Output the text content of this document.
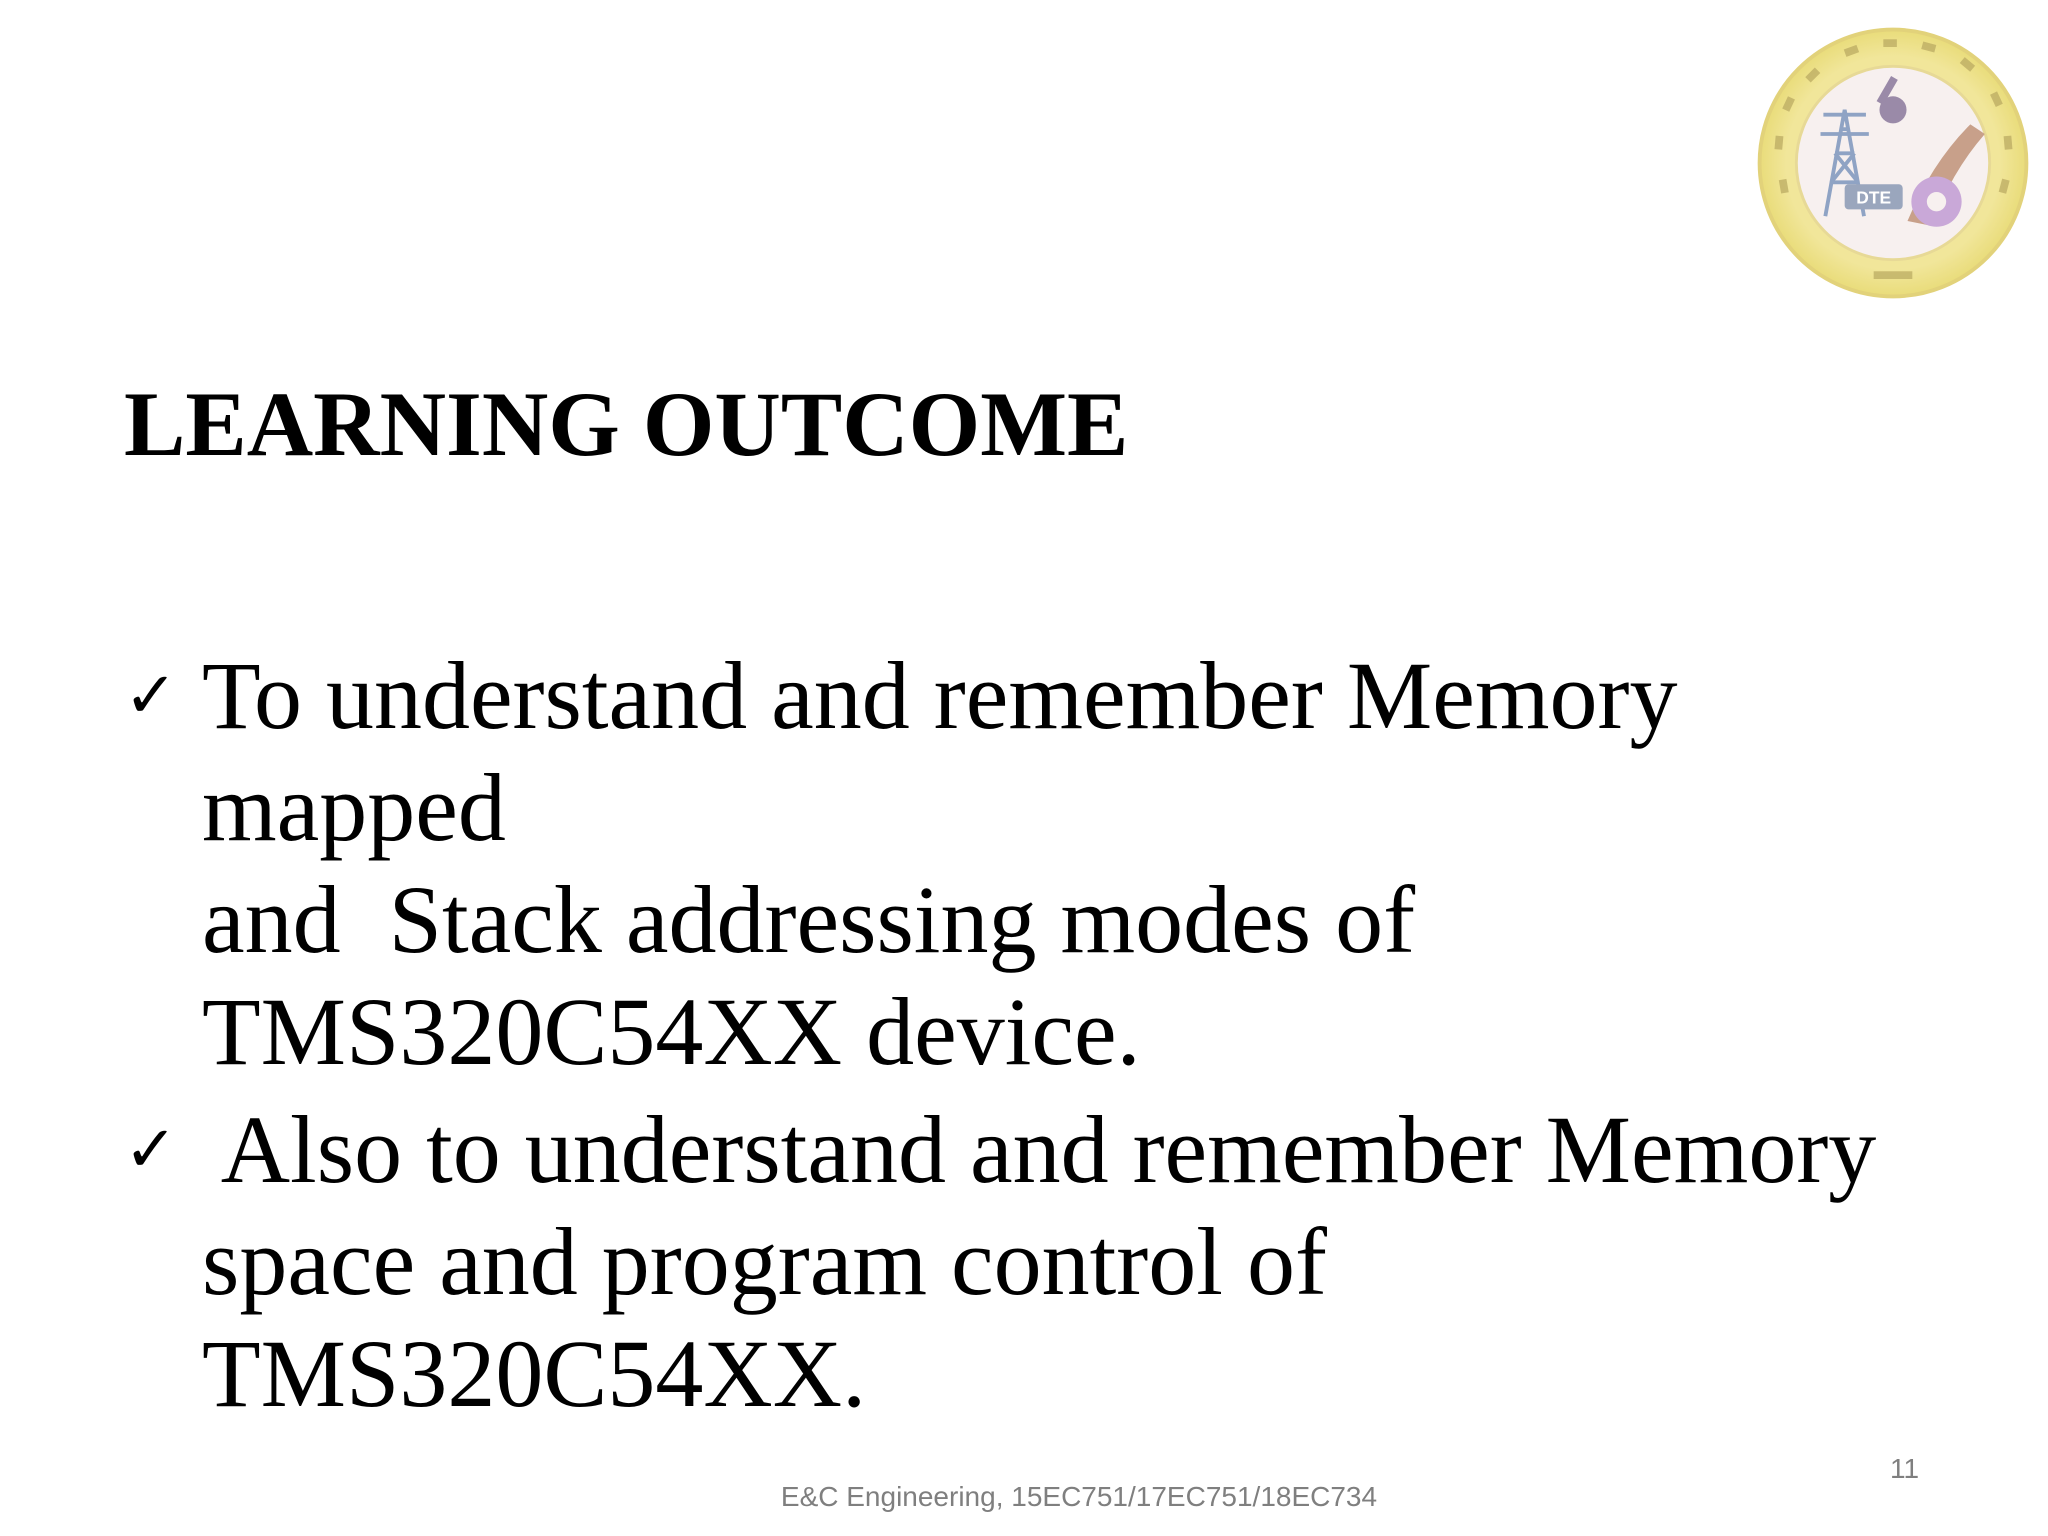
DTE
LEARNING OUTCOME
✓ To understand and remember Memory mapped
and  Stack addressing modes of
TMS320C54XX device.
✓ Also to understand and remember Memory
space and program control of TMS320C54XX.
11
E&C Engineering, 15EC751/17EC751/18EC734
